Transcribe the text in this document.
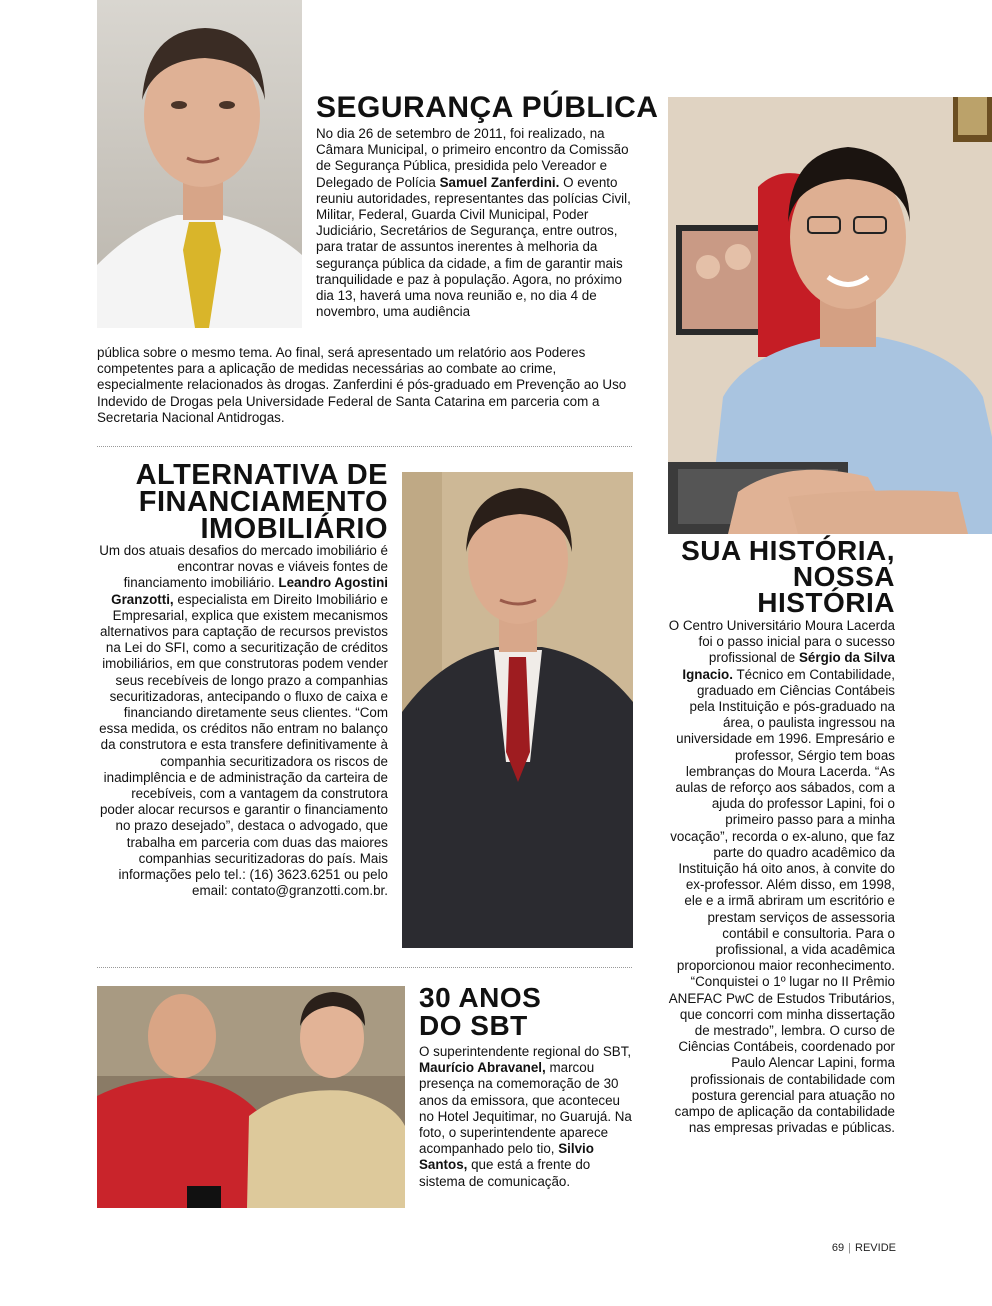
SEGURANÇA PÚBLICA
No dia 26 de setembro de 2011, foi realizado, na Câmara Municipal, o primeiro encontro da Comissão de Segurança Pública, presidida pelo Vereador e Delegado de Polícia Samuel Zanferdini. O evento reuniu autoridades, representantes das polícias Civil, Militar, Federal, Guarda Civil Municipal, Poder Judiciário, Secretários de Segurança, entre outros, para tratar de assuntos inerentes à melhoria da segurança pública da cidade, a fim de garantir mais tranquilidade e paz à população. Agora, no próximo dia 13, haverá uma nova reunião e, no dia 4 de novembro, uma audiência
pública sobre o mesmo tema. Ao final, será apresentado um relatório aos Poderes competentes para a aplicação de medidas necessárias ao combate ao crime, especialmente relacionados às drogas. Zanferdini é pós-graduado em Prevenção ao Uso Indevido de Drogas pela Universidade Federal de Santa Catarina em parceria com a Secretaria Nacional Antidrogas.
ALTERNATIVA DE
FINANCIAMENTO
IMOBILIÁRIO
Um dos atuais desafios do mercado imobiliário é encontrar novas e viáveis fontes de financiamento imobiliário. Leandro Agostini Granzotti, especialista em Direito Imobiliário e Empresarial, explica que existem mecanismos alternativos para captação de recursos previstos na Lei do SFI, como a securitização de créditos imobiliários, em que construtoras podem vender seus recebíveis de longo prazo a companhias securitizadoras, antecipando o fluxo de caixa e financiando diretamente seus clientes. “Com essa medida, os créditos não entram no balanço da construtora e esta transfere definitivamente à companhia securitizadora os riscos de inadimplência e de administração da carteira de recebíveis, com a vantagem da construtora poder alocar recursos e garantir o financiamento no prazo desejado”, destaca o advogado, que trabalha em parceria com duas das maiores companhias securitizadoras do país. Mais informações pelo tel.: (16) 3623.6251 ou pelo email: contato@granzotti.com.br.
30 ANOS
DO SBT
O superintendente regional do SBT, Maurício Abravanel, marcou presença na comemoração de 30 anos da emissora, que aconteceu no Hotel Jequitimar, no Guarujá. Na foto, o superintendente aparece acompanhado pelo tio, Silvio Santos, que está a frente do sistema de comunicação.
SUA HISTÓRIA,
NOSSA
HISTÓRIA
O Centro Universitário Moura Lacerda foi o passo inicial para o sucesso profissional de Sérgio da Silva Ignacio. Técnico em Contabilidade, graduado em Ciências Contábeis pela Instituição e pós-graduado na área, o paulista ingressou na universidade em 1996. Empresário e professor, Sérgio tem boas lembranças do Moura Lacerda. “As aulas de reforço aos sábados, com a ajuda do professor Lapini, foi o primeiro passo para a minha vocação”, recorda o ex-aluno, que faz parte do quadro acadêmico da Instituição há oito anos, à convite do ex-professor. Além disso, em 1998, ele e a irmã abriram um escritório e prestam serviços de assessoria contábil e consultoria. Para o profissional, a vida acadêmica proporcionou maior reconhecimento. “Conquistei o 1º lugar no II Prêmio ANEFAC PwC de Estudos Tributários, que concorri com minha dissertação de mestrado”, lembra. O curso de Ciências Contábeis, coordenado por Paulo Alencar Lapini, forma profissionais de contabilidade com postura gerencial para atuação no campo de aplicação da contabilidade nas empresas privadas e públicas.
69 | REVIDE
